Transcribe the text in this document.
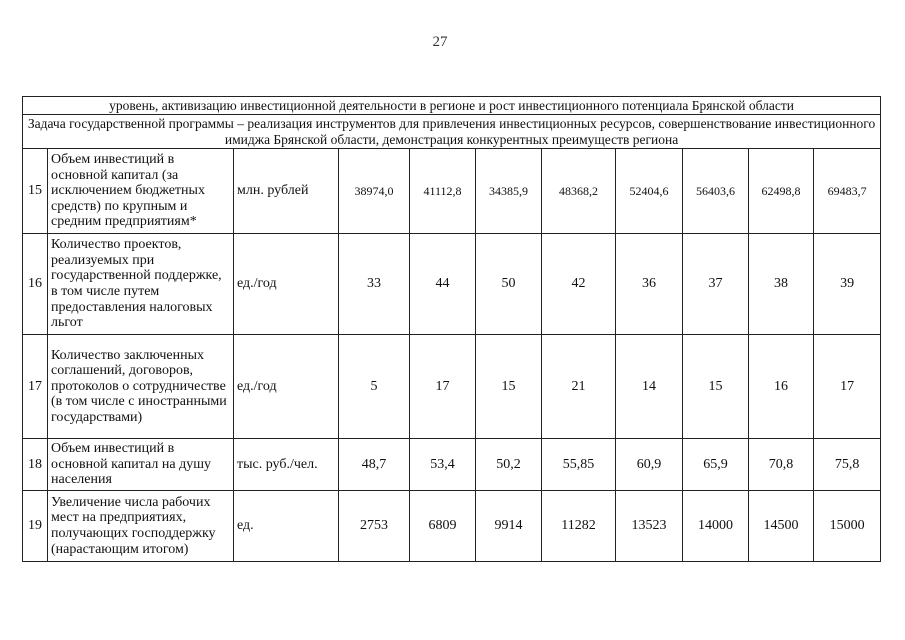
27
уровень, активизацию инвестиционной деятельности в регионе и рост инвестиционного потенциала Брянской области										
Задача государственной программы – реализация инструментов для привлечения инвестиционных ресурсов, совершенствование инвестиционного имиджа Брянской области, демонстрация конкурентных преимуществ региона										
15	Объем инвестиций в основной капитал (за исключением бюджетных средств) по крупным и средним предприятиям*	млн. рублей	38974,0	41112,8	34385,9	48368,2	52404,6	56403,6	62498,8	69483,7
16	Количество проектов, реализуемых при государственной поддержке, в том числе путем предоставления налоговых льгот	ед./год	33	44	50	42	36	37	38	39
17	Количество заключенных соглашений, договоров, протоколов о сотрудничестве (в том числе с иностранными государствами)	ед./год	5	17	15	21	14	15	16	17
18	Объем инвестиций в основной капитал на душу населения	тыс. руб./чел.	48,7	53,4	50,2	55,85	60,9	65,9	70,8	75,8
19	Увеличение числа рабочих мест на предприятиях, получающих господдержку (нарастающим итогом)	ед.	2753	6809	9914	11282	13523	14000	14500	15000
